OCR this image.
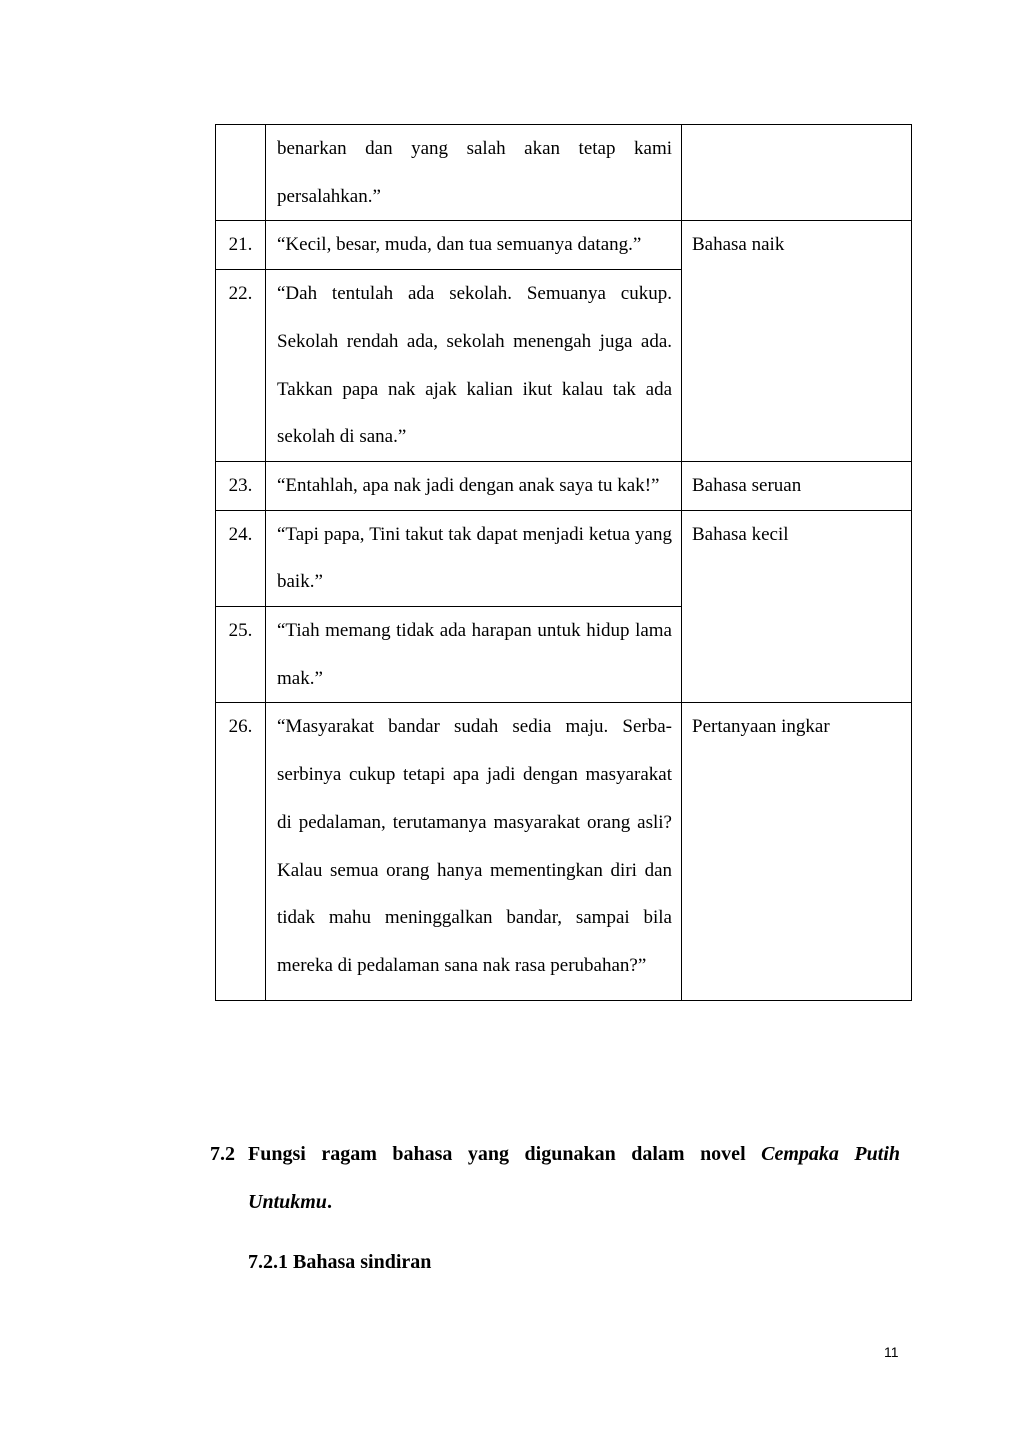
	benarkan dan yang salah akan tetap kami persalahkan.”	

21.	“Kecil, besar, muda, dan tua semuanya datang.”	Bahasa naik
22.	“Dah tentulah ada sekolah. Semuanya cukup. Sekolah rendah ada, sekolah menengah juga ada. Takkan papa nak ajak kalian ikut kalau tak ada sekolah di sana.”	

23.	“Entahlah, apa nak jadi dengan anak saya tu kak!”	Bahasa seruan
24.	“Tapi papa, Tini takut tak dapat menjadi ketua yang baik.”	Bahasa kecil
25.	“Tiah memang tidak ada harapan untuk hidup lama mak.”	

26.	“Masyarakat bandar sudah sedia maju. Serba-serbinya cukup tetapi apa jadi dengan masyarakat di pedalaman, terutamanya masyarakat orang asli? Kalau semua orang hanya mementingkan diri dan tidak mahu meninggalkan bandar, sampai bila mereka di pedalaman sana nak rasa perubahan?”	Pertanyaan ingkar
7.2 Fungsi ragam bahasa yang digunakan dalam novel Cempaka Putih Untukmu.
7.2.1 Bahasa sindiran
11
